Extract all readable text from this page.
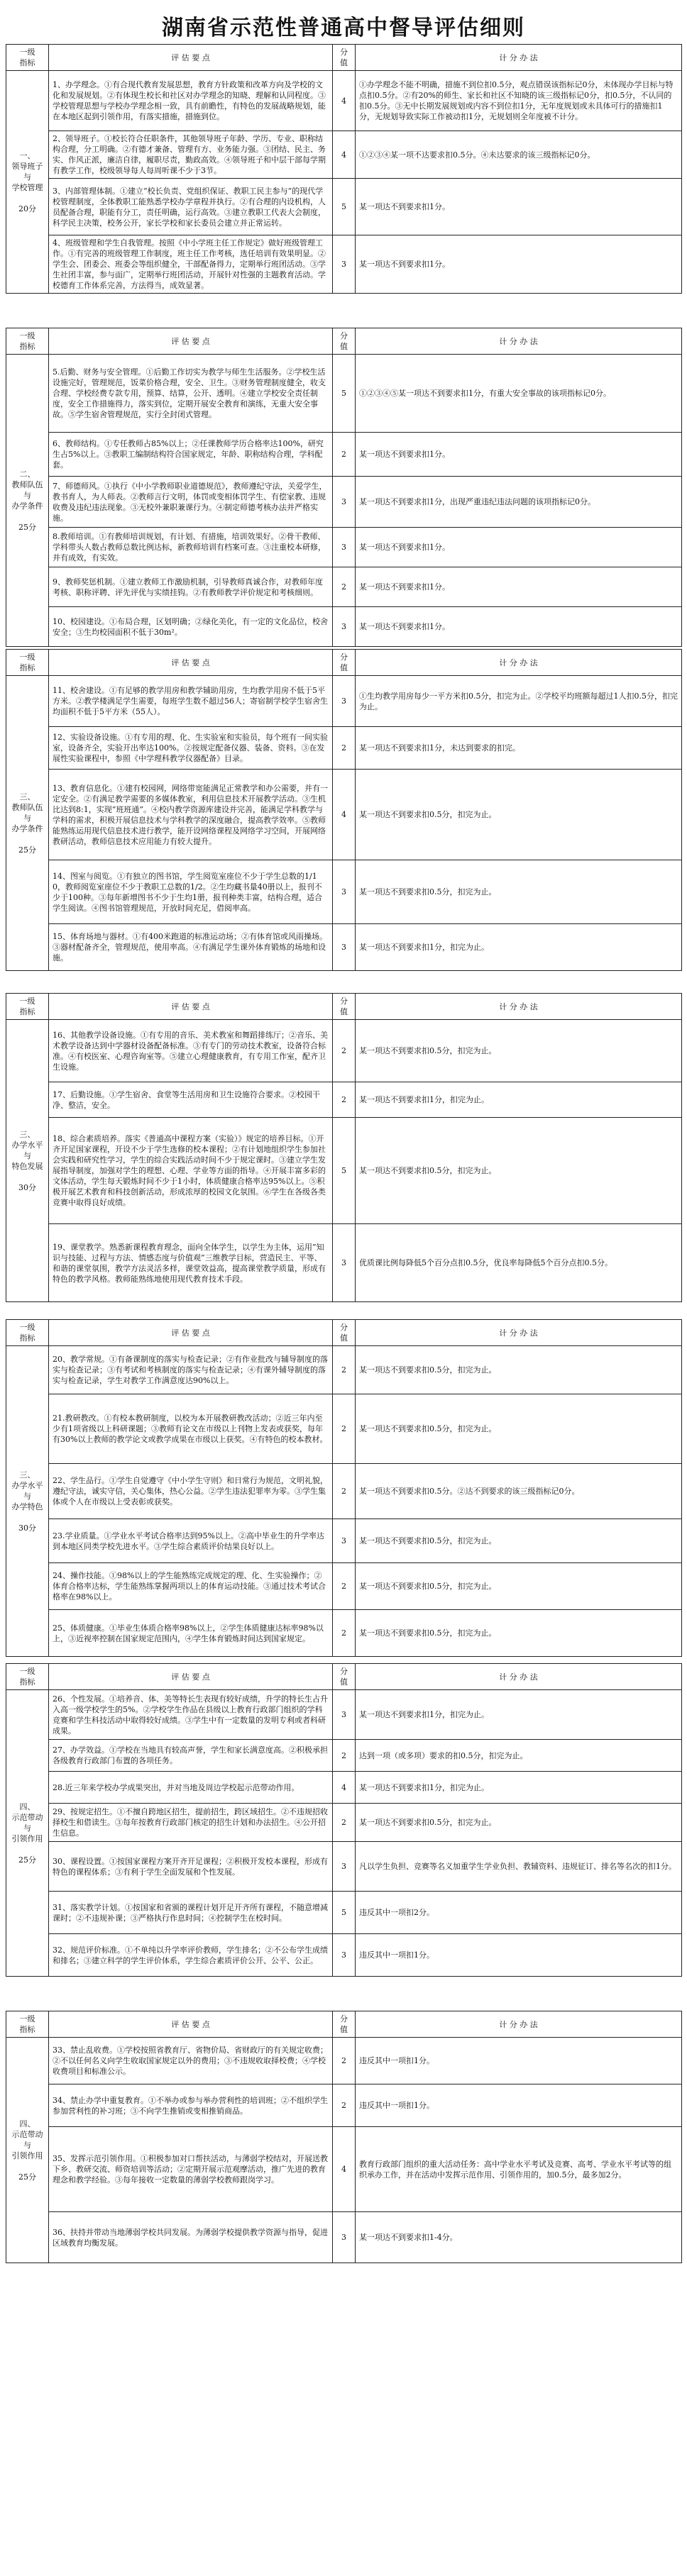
湖南省示范性普通高中督导评估细则
一级
指标	评 估 要 点	分
值	计 分 办 法
一、
领导班子
与
学校管理

20分	1、办学理念。①有合现代教育发展思想，教育方针政策和改革方向及学校的文化和发展规划。②有体现生校长和社区对办学理念的知晓、理解和认同程度。③学校管理思想与学校办学理念相一致，具有前瞻性，有特色的发展战略规划，能在本地区起到引领作用，有落实措施，措施到位。	4	①办学理念不能不明确，措施不到位扣0.5分，观点错误该指标记0分，未体现办学目标与特点扣0.5分。②有20%的师生、家长和社区不知晓的该三级指标记0分，扣0.5分，不认同的扣0.5分。③无中长期发展规划或内容不到位扣1分，无年度规划或未具体可行的措施扣1分，无规划导致实际工作被动扣1分，无规划则全年度被不计分。
	2、领导班子。①校长符合任职条件，其他领导班子年龄、学历、专业、职称结构合理，分工明确。②有德才兼备、管理有方、业务能力强。③团结、民主、务实、作风正派，廉洁自律，履职尽责，勤政高效。④领导班子和中层干部每学期有教学工作，校级领导每人每周听课不少于3节。	4	①②③④某一项不达要求扣0.5分。④未达要求的该三级指标记0分。
	3、内部管理体制。①建立“校长负责、党组织保证、教职工民主参与”的现代学校管理制度，全体教职工能熟悉学校办学章程并执行。②有合理的内设机构，人员配备合理，职能有分工，责任明确，运行高效。③建立教职工代表大会制度，科学民主决策，校务公开，家长学校和家长委员会建立并正常运转。	5	某一项达不到要求扣1分。
	4、班级管理和学生自我管理。按照《中小学班主任工作规定》做好班级管理工作。①有完善的班级管理工作制度，班主任工作考核，选任培训有效果明显。②学生会、团委会、班委会等组织健全，干部配备得力，定期举行班团活动。③学生社团丰富，参与面广，定期举行班团活动，开展针对性强的主题教育活动。学校德育工作体系完善，方法得当，成效显著。	3	某一项达不到要求扣1分。
一级
指标	评 估 要 点	分
值	计 分 办 法
二、
教师队伍
与
办学条件

25分	5.后勤、财务与安全管理。①后勤工作切实为教学与师生生活服务。②学校生活设施完好，管理规范，饭菜价格合理，安全、卫生。③财务管理制度健全，收支合理、学校经费专款专用，预算、结算，公开、透明。④建立学校安全责任制度，安全工作措施得力，落实到位，定期开展安全教育和演练，无重大安全事故。⑤学生宿舍管理规范，实行全封闭式管理。	5	①②③④⑤某一项达不到要求扣1分，有重大安全事故的该项指标记0分。
	6、教师结构。①专任教师占85%以上；②任课教师学历合格率达100%，研究生占5%以上。③教职工编制结构符合国家规定，年龄、职称结构合理，学科配套。	2	某一项达不到要求扣1分。
	7、师德师风。①执行《中小学教师职业道德规范》，教师遵纪守法，关爱学生，教书育人，为人师表。②教师言行文明，体罚或变相体罚学生、有偿家教、违规收费及违纪违法现象。③无校外兼职兼课行为。④制定师德考核办法并严格实施。	3	某一项达不到要求扣1分，出现严重违纪违法问题的该项指标记0分。
	8.教师培训。①有教师培训规划，有计划、有措施，培训效果好。②骨干教师、学科带头人数占教师总数比例达标，新教师培训有档案可查。③注重校本研修，并有成效，有实效。	3	某一项达不到要求扣1分。
	9、教师奖惩机制。①建立教师工作激励机制，引导教师真诚合作，对教师年度考核、职称评聘、评先评优与实绩挂钩。②有教师教学评价规定和考核细则。	2	某一项达不到要求扣1分。
	10、校园建设。①布局合理，区划明确；②绿化美化，有一定的文化品位，校舍安全；③生均校园面积不低于30m²。	3	某一项达不到要求扣1分。
一级
指标	评 估 要 点	分
值	计 分 办 法
三、
教师队伍
与
办学条件

25分	11、校舍建设。①有足够的教学用房和教学辅助用房，生均教学用房不低于5平方米。②教学楼满足学生需要，每班学生数不超过56人；寄宿制学校学生宿舍生均面积不低于5平方米（55人）。	3	①生均教学用房每少一平方米扣0.5分，扣完为止。②学校平均班额每超过1人扣0.5分，扣完为止。
	12、实验设备设施。①有专用的理、化、生实验室和实验员，每个班有一间实验室，设备齐全，实验开出率达100%。②按规定配备仪器、装备、资料。③在发展性实验课程中，参照《中学理科教学仪器配备》目录。	2	某一项达不到要求扣1分，未达到要求的扣完。
	13、教育信息化。①建有校园网，网络带宽能满足正常教学和办公需要，并有一定安全。②有满足教学需要的多媒体教室，利用信息技术开展教学活动。③生机比达到8:1，实现“班班通”。④校内教学资源库建设并完善，能满足学科教学与学科的需求，积极开展信息技术与学科教学的深度融合，提高教学效率。⑤教师能熟练运用现代信息技术进行教学，能开设网络课程及网络学习空间，开展网络教研活动，教师信息技术应用能力有较大提升。	4	某一项达不到要求扣0.5分，扣完为止。
	14、图室与阅览。①有独立的图书馆，学生阅览室座位不少于学生总数的1/10，教师阅览室座位不少于教职工总数的1/2。②生均藏书量40册以上，报刊不少于100种。③每年新增图书不少于生均1册，报刊种类丰富，结构合理，适合学生阅读。④图书馆管理规范，开放时间充足，借阅率高。	3	某一项达不到要求扣0.5分，扣完为止。
	15、体育场地与器材。①有400米跑道的标准运动场；②有体育馆或风雨操场。③器材配备齐全，管理规范，使用率高。④有满足学生课外体育锻炼的场地和设施。	3	某一项达不到要求扣1分，扣完为止。
一级
指标	评 估 要 点	分
值	计 分 办 法
三、
办学水平
与
特色发展

30分	16、其他教学设备设施。①有专用的音乐、美术教室和舞蹈排练厅；②音乐、美术教学设备达到中学器材设备配备标准。③有专门的劳动技术教室，设备符合标准。④有校医室、心理咨询室等。⑤建立心理健康教育，有专用工作室，配齐卫生设施。	2	某一项达不到要求扣0.5分，扣完为止。
	17、后勤设施。①学生宿舍、食堂等生活用房和卫生设施符合要求。②校园干净、整洁，安全。	2	某一项达不到要求扣1分，扣完为止。
	18、综合素质培养。落实《普通高中课程方案（实验）》规定的培养目标。①开齐开足国家课程，开设不少于学生选修的校本课程；②有计划地组织学生参加社会实践和研究性学习，学生的综合实践活动时间不少于规定课时。③建立学生发展指导制度，加强对学生的理想、心理、学业等方面的指导。④开展丰富多彩的文体活动，学生每天锻炼时间不少于1小时，体质健康合格率达95%以上。⑤积极开展艺术教育和科技创新活动，形成浓厚的校园文化氛围。⑥学生在各级各类竞赛中取得良好成绩。	5	某一项达不到要求扣0.5分，扣完为止。
	19、课堂教学。熟悉新课程教育理念，面向全体学生，以学生为主体，运用“知识与技能、过程与方法、情感态度与价值观”三维教学目标，营造民主、平等、和谐的课堂氛围，教学方法灵活多样，课堂效益高，提高课堂教学质量，形成有特色的教学风格。教师能熟练地使用现代教育技术手段。	3	优质课比例每降低5个百分点扣0.5分，优良率每降低5个百分点扣0.5分。
一级
指标	评 估 要 点	分
值	计 分 办 法
三、
办学水平
与
办学特色

30分	20、教学常规。①有备课制度的落实与检查记录；②有作业批改与辅导制度的落实与检查记录；③有考试和考核制度的落实与检查记录；④有课外辅导制度的落实与检查记录，学生对教学工作满意度达90%以上。	2	某一项达不到要求扣0.5分，扣完为止。
	21.教研教改。①有校本教研制度，以校为本开展教研教改活动；②近三年内至少有1项省级以上科研课题；③教师有论文在市级以上刊物上发表或获奖，每年有30%以上教师的教学论文或教学成果在市级以上获奖。④有特色的校本教材。	2	某一项达不到要求扣0.5分，扣完为止。
	22、学生品行。①学生自觉遵守《中小学生守则》和日常行为规范，文明礼貌，遵纪守法，诚实守信，关心集体，热心公益。②学生违法犯罪率为零。③学生集体或个人在市级以上受表彰或获奖。	2	某一项达不到要求扣0.5分。②达不到要求的该三级指标记0分。
	23.学业质量。①学业水平考试合格率达到95%以上。②高中毕业生的升学率达到本地区同类学校先进水平。③学生综合素质评价结果良好以上。	3	某一项达不到要求扣0.5分，扣完为止。
	24、操作技能。①98%以上的学生能熟练完成规定的理、化、生实验操作；②体育合格率达标，学生能熟练掌握两项以上的体育运动技能。③通过技术考试合格率在98%以上。	2	某一项达不到要求扣0.5分，扣完为止。
	25、体质健康。①毕业生体质合格率98%以上，②学生体质健康达标率98%以上，③近视率控制在国家规定范围内，④学生体育锻炼时间达到国家规定。	2	某一项达不到要求扣0.5分，扣完为止。
一级
指标	评 估 要 点	分
值	计 分 办 法
四、
示范带动
与
引领作用

25分	26、个性发展。①培养音、体、美等特长生表现有较好成绩，升学的特长生占升入高一级学校学生的5%。②学校学生作品在县级以上教育行政部门组织的学科竞赛和学生科技活动中取得较好成绩。③学生中有一定数量的发明专利或者科研成果。	3	某一项达不到要求扣1分，扣完为止。
	27、办学效益。①学校在当地具有较高声誉，学生和家长满意度高。②积极承担各级教育行政部门布置的各项任务。	2	达到一项（或多项）要求的扣0.5分，扣完为止。
	28.近三年来学校办学成果突出，并对当地及周边学校起示范带动作用。	4	某一项达不到要求扣1分，扣完为止。
	29、按规定招生。①不擅自跨地区招生，提前招生，跨区域招生。②不违规招收择校生和借读生。③每年按教育行政部门核定的招生计划和办法招生。④公开招生信息。	2	某一项达不到要求扣0.5分，扣完为止。
	30、课程设置。①按国家课程方案开齐开足课程；②积极开发校本课程，形成有特色的课程体系；③有利于学生全面发展和个性发展。	3	凡以学生负担、竞赛等名义加重学生学业负担、教辅资料、违规征订、排名等名次的扣1分。
	31、落实教学计划。①按国家和省颁的课程计划开足开齐所有课程，不随意增减课时；②不违规补课；③严格执行作息时间；④控制学生在校时间。	5	违反其中一项扣2分。
	32、规范评价标准。①不单纯以升学率评价教师，学生排名；②不公布学生成绩和排名；③建立科学的学生评价体系，学生综合素质评价公开、公平、公正。	3	违反其中一项扣1分。
一级
指标	评 估 要 点	分
值	计 分 办 法
四、
示范带动
与
引领作用

25分	33、禁止乱收费。①学校按照省教育厅、省物价局、省财政厅的有关规定收费；②不以任何名义向学生收取国家规定以外的费用；③不违规收取择校费；④学校收费项目和标准公示。	2	违反其中一项扣1分。
	34、禁止办学中重复教育。①不举办或参与举办营利性的培训班；②不组织学生参加营利性的补习班；③不向学生推销或变相推销商品。	2	违反其中一项扣1分。
	35、发挥示范引领作用。①积极参加对口帮扶活动，与薄弱学校结对，开展送教下乡、教研交流、师资培训等活动；②定期开展示范观摩活动，推广先进的教育理念和教学经验。③每年接收一定数量的薄弱学校教师跟岗学习。	4	教育行政部门组织的重大活动任务：高中学业水平考试及竞赛、高考、学业水平考试等的组织承办工作，并在活动中发挥示范作用、引领作用的，加0.5分，最多加2分。
	36、扶持并带动当地薄弱学校共同发展。为薄弱学校提供教学资源与指导，促进区域教育均衡发展。	3	某一项达不到要求扣1-4分。
